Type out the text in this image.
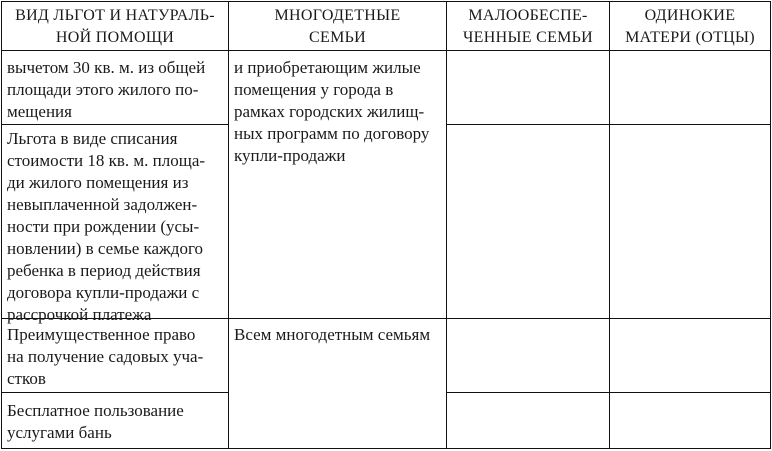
ВИД ЛЬГОТ И НАТУРАЛЬ-
НОЙ ПОМОЩИ
МНОГОДЕТНЫЕ
СЕМЬИ
МАЛООБЕСПЕ-
ЧЕННЫЕ СЕМЬИ
ОДИНОКИЕ
МАТЕРИ (ОТЦЫ)
вычетом 30 кв. м. из общей
площади этого жилого по-
мещения
и приобретающим жилые
помещения у города в
рамках городских жилищ-
ных программ по договору
купли-продажи
Льгота в виде списания
стоимости 18 кв. м. площа-
ди жилого помещения из
невыплаченной задолжен-
ности при рождении (усы-
новлении) в семье каждого
ребенка в период действия
договора купли-продажи с
рассрочкой платежа
Преимущественное право
на получение садовых уча-
стков
Всем многодетным семьям
Бесплатное пользование
услугами бань
